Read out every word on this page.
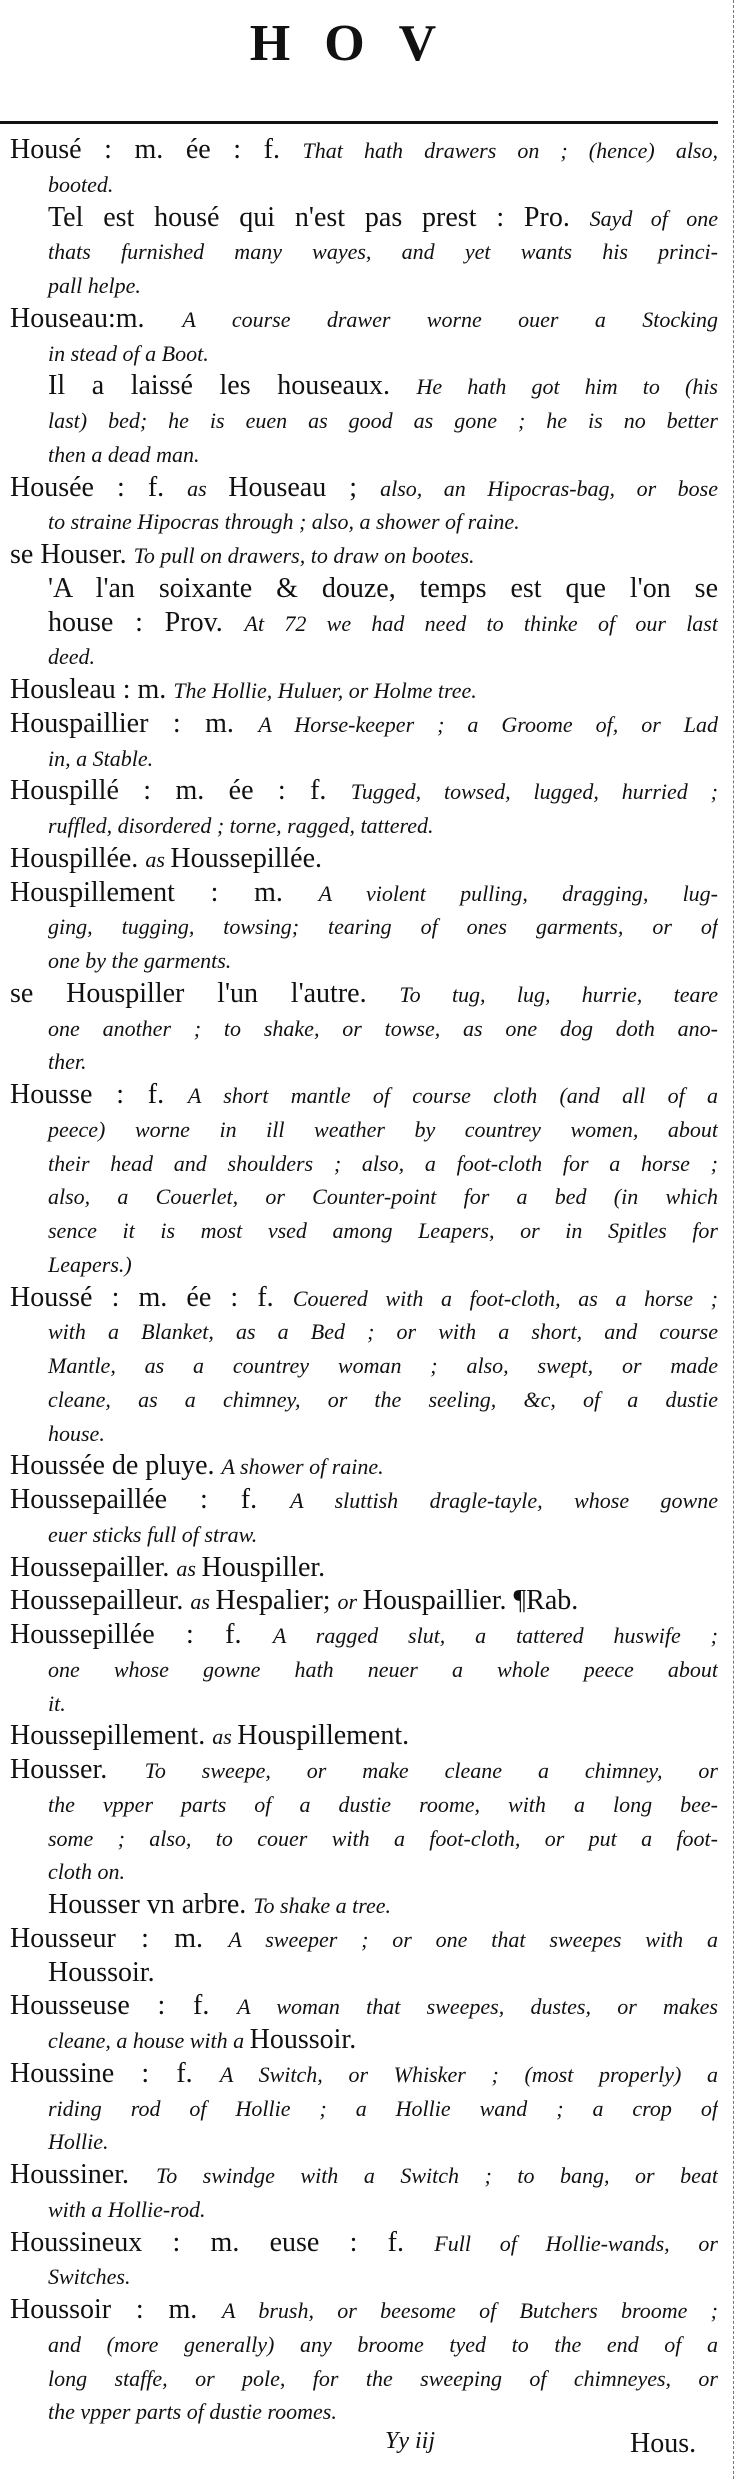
HOV
Housé : m. ée : f. That hath drawers on ; (hence) also,
booted.
Tel est housé qui n'est pas prest : Pro. Sayd of one
thats furnished many wayes, and yet wants his princi-
pall helpe.
Houseau:m. A course drawer worne ouer a Stocking
in stead of a Boot.
Il a laissé les houseaux. He hath got him to (his
last) bed; he is euen as good as gone ; he is no better
then a dead man.
Housée : f. as Houseau ; also, an Hipocras-bag, or bose
to straine Hipocras through ; also, a shower of raine.
se Houser. To pull on drawers, to draw on bootes.
'A l'an soixante & douze, temps est que l'on se
house : Prov. At 72 we had need to thinke of our last
deed.
Housleau : m. The Hollie, Huluer, or Holme tree.
Houspaillier : m. A Horse-keeper ; a Groome of, or Lad
in, a Stable.
Houspillé : m. ée : f. Tugged, towsed, lugged, hurried ;
ruffled, disordered ; torne, ragged, tattered.
Houspillée. as Houssepillée.
Houspillement : m. A violent pulling, dragging, lug-
ging, tugging, towsing; tearing of ones garments, or of
one by the garments.
se Houspiller l'un l'autre. To tug, lug, hurrie, teare
one another ; to shake, or towse, as one dog doth ano-
ther.
Housse : f. A short mantle of course cloth (and all of a
peece) worne in ill weather by countrey women, about
their head and shoulders ; also, a foot-cloth for a horse ;
also, a Couerlet, or Counter-point for a bed (in which
sence it is most vsed among Leapers, or in Spitles for
Leapers.)
Houssé : m. ée : f. Couered with a foot-cloth, as a horse ;
with a Blanket, as a Bed ; or with a short, and course
Mantle, as a countrey woman ; also, swept, or made
cleane, as a chimney, or the seeling, &c, of a dustie
house.
Houssée de pluye. A shower of raine.
Houssepaillée : f. A sluttish dragle-tayle, whose gowne
euer sticks full of straw.
Houssepailler. as Houspiller.
Houssepailleur. as Hespalier; or Houspaillier. ¶Rab.
Houssepillée : f. A ragged slut, a tattered huswife ;
one whose gowne hath neuer a whole peece about
it.
Houssepillement. as Houspillement.
Housser. To sweepe, or make cleane a chimney, or
the vpper parts of a dustie roome, with a long bee-
some ; also, to couer with a foot-cloth, or put a foot-
cloth on.
Housser vn arbre. To shake a tree.
Housseur : m. A sweeper ; or one that sweepes with a
Houssoir.
Housseuse : f. A woman that sweepes, dustes, or makes
cleane, a house with a Houssoir.
Houssine : f. A Switch, or Whisker ; (most properly) a
riding rod of Hollie ; a Hollie wand ; a crop of
Hollie.
Houssiner. To swindge with a Switch ; to bang, or beat
with a Hollie-rod.
Houssineux : m. euse : f. Full of Hollie-wands, or
Switches.
Houssoir : m. A brush, or beesome of Butchers broome ;
and (more generally) any broome tyed to the end of a
long staffe, or pole, for the sweeping of chimneyes, or
the vpper parts of dustie roomes.
Yy iij	Hous.
